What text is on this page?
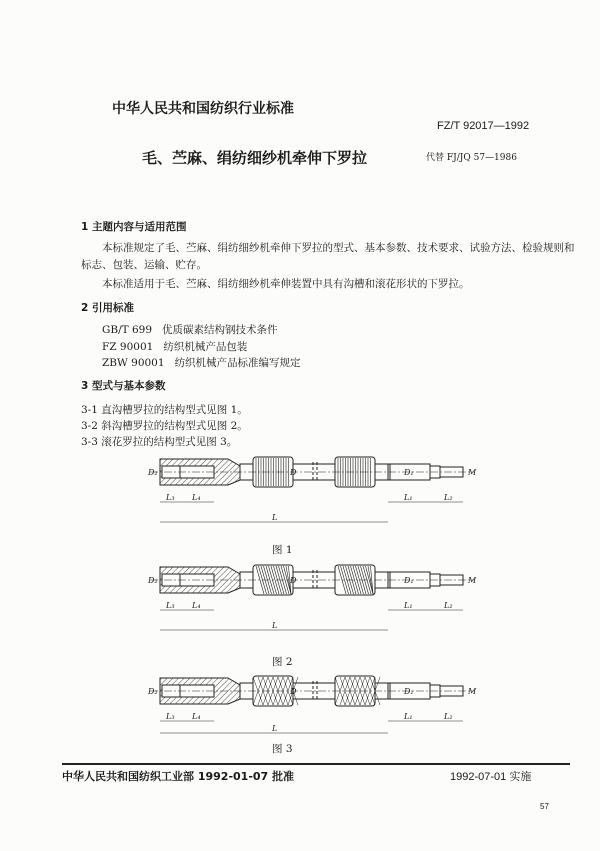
中华人民共和国纺织行业标准
FZ/T 92017—1992
毛、苎麻、绢纺细纱机牵伸下罗拉	代替 FJ/JQ 57—1986
1 主题内容与适用范围
本标准规定了毛、苎麻、绢纺细纱机牵伸下罗拉的型式、基本参数、技术要求、试验方法、检验规则和
标志、包装、运输、贮存。
本标准适用于毛、苎麻、绢纺细纱机牵伸装置中具有沟槽和滚花形状的下罗拉。
2 引用标准
GB/T 699 优质碳素结构钢技术条件
FZ 90001 纺织机械产品包装
ZBW 90001 纺织机械产品标准编写规定
3 型式与基本参数
3-1 直沟槽罗拉的结构型式见图 1。
3-2 斜沟槽罗拉的结构型式见图 2。
3-3 滚花罗拉的结构型式见图 3。
L₃ L₄	L₁	L₂
L
D₂	D	D₁	M
图 1
L₃ L₄	L₁	L₂
L
D₂	D	D₁	M
图 2
L₃ L₄	L₁	L₂
L
D₂	D	D₁	M
图 3
中华人民共和国纺织工业部 1992-01-07 批准	1992-07-01 实施
57
